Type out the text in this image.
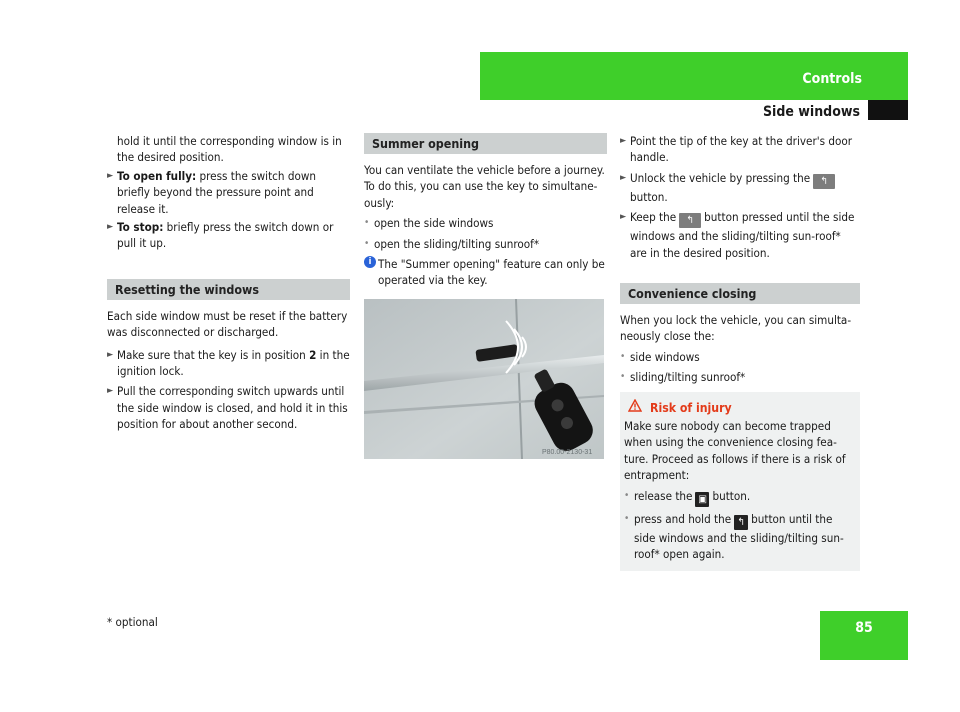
Controls
Side windows

hold it until the corresponding window is in the desired position.

► To open fully: press the switch down briefly beyond the pressure point and release it.
► To stop: briefly press the switch down or pull it up.
Resetting the windows

Each side window must be reset if the battery was disconnected or discharged.

► Make sure that the key is in position 2 in the ignition lock.
► Pull the corresponding switch upwards until the side window is closed, and hold it in this position for about another second.
Summer opening

You can ventilate the vehicle before a journey. To do this, you can use the key to simultane-ously:

• open the side windows
• open the sliding/tilting sunroof*
i The "Summer opening" feature can only be operated via the key.
P80.00-2130-31
► Point the tip of the key at the driver's door handle.
► Unlock the vehicle by pressing the ↰
button.
► Keep the ↰ button pressed until the side windows and the sliding/tilting sun-roof* are in the desired position.
Convenience closing

When you lock the vehicle, you can simulta-neously close the:

• side windows
• sliding/tilting sunroof*
Risk of injury

Make sure nobody can become trapped when using the convenience closing fea-ture. Proceed as follows if there is a risk of entrapment:

• release the ▣ button.
• press and hold the ↰ button until the side windows and the sliding/tilting sun-roof* open again.
85
* optional
